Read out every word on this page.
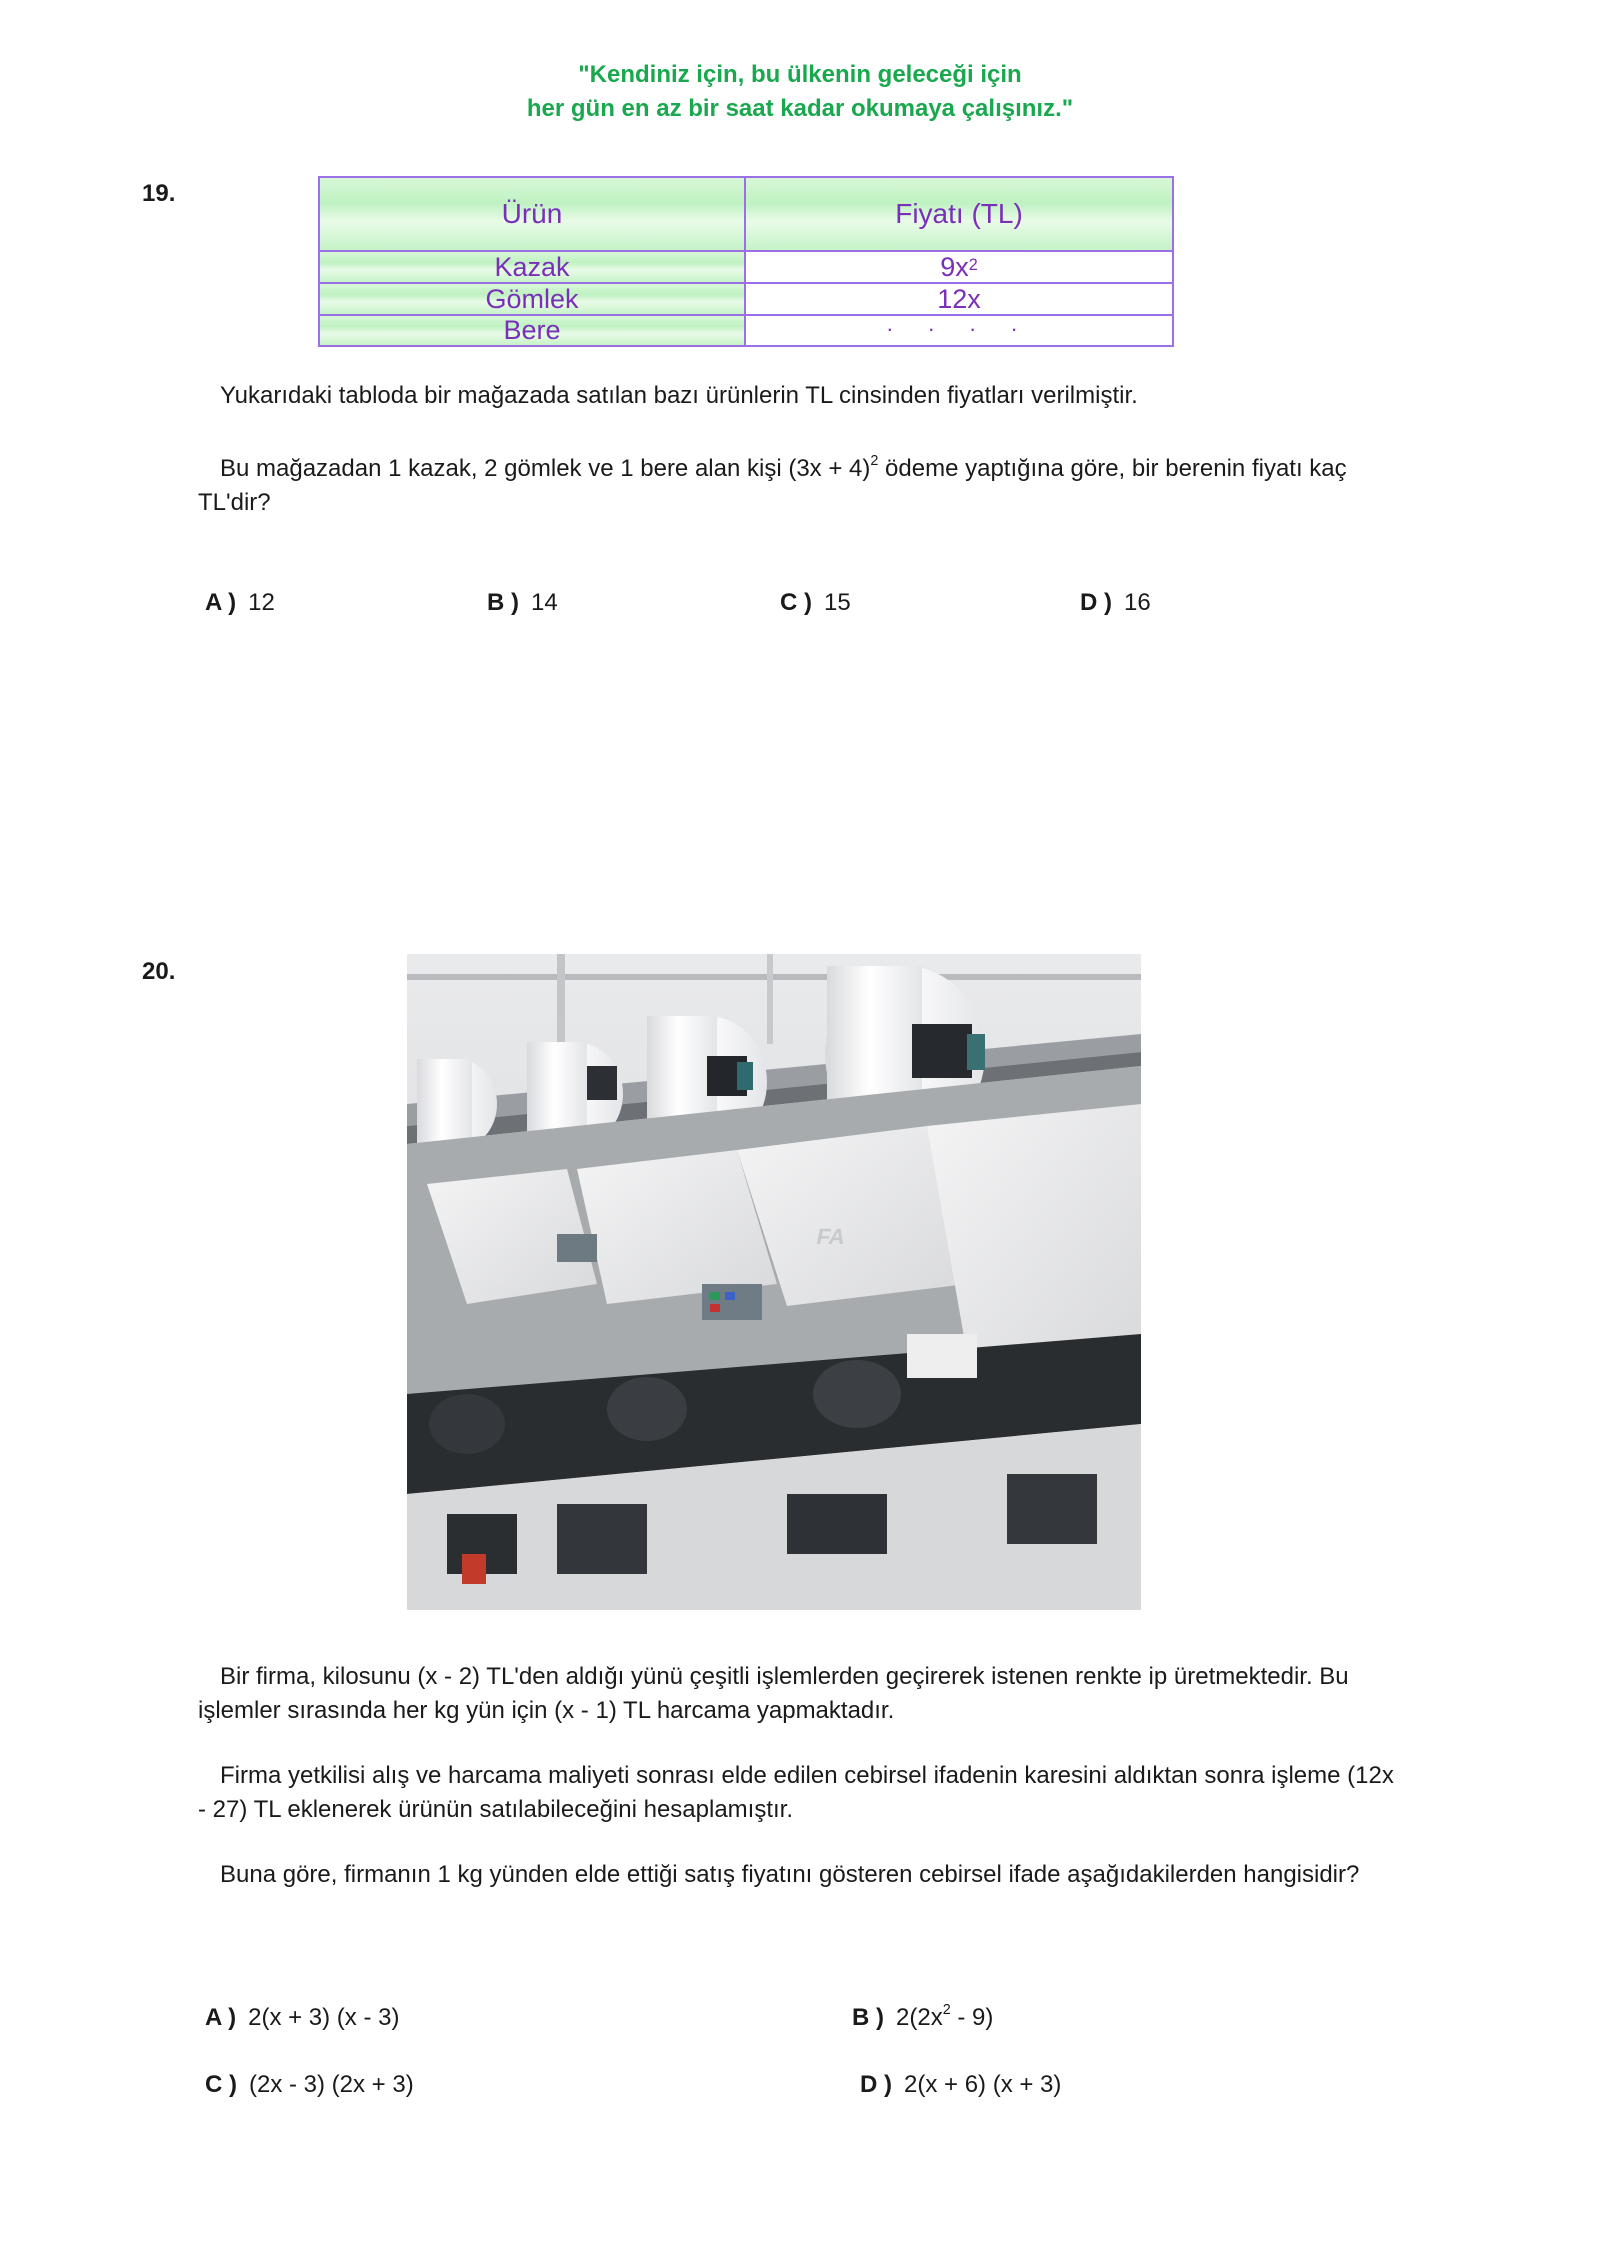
"Kendiniz için, bu ülkenin geleceği için
her gün en az bir saat kadar okumaya çalışınız."
19.
Ürün	Fiyatı (TL)
Kazak	$9x^2$
Gömlek	12x
Bere	· · · ·
Yukarıdaki tabloda bir mağazada satılan bazı ürünlerin TL cinsinden fiyatları verilmiştir.
Bu mağazadan 1 kazak, 2 gömlek ve 1 bere alan kişi $(3x + 4)^2$ ödeme yaptığına göre, bir berenin fiyatı kaç TL'dir?
A ) 12	B ) 14	C ) 15	D ) 16
20.
FA
Bir firma, kilosunu (x - 2) TL'den aldığı yünü çeşitli işlemlerden geçirerek istenen renkte ip üretmektedir. Bu işlemler sırasında her kg yün için (x - 1) TL harcama yapmaktadır.
Firma yetkilisi alış ve harcama maliyeti sonrası elde edilen cebirsel ifadenin karesini aldıktan sonra işleme (12x - 27) TL eklenerek ürünün satılabileceğini hesaplamıştır.
Buna göre, firmanın 1 kg yünden elde ettiği satış fiyatını gösteren cebirsel ifade aşağıdakilerden hangisidir?
A ) 2(x + 3) (x - 3)	B ) $2(2x^2 - 9)$
C ) (2x - 3) (2x + 3)	D ) 2(x + 6) (x + 3)
